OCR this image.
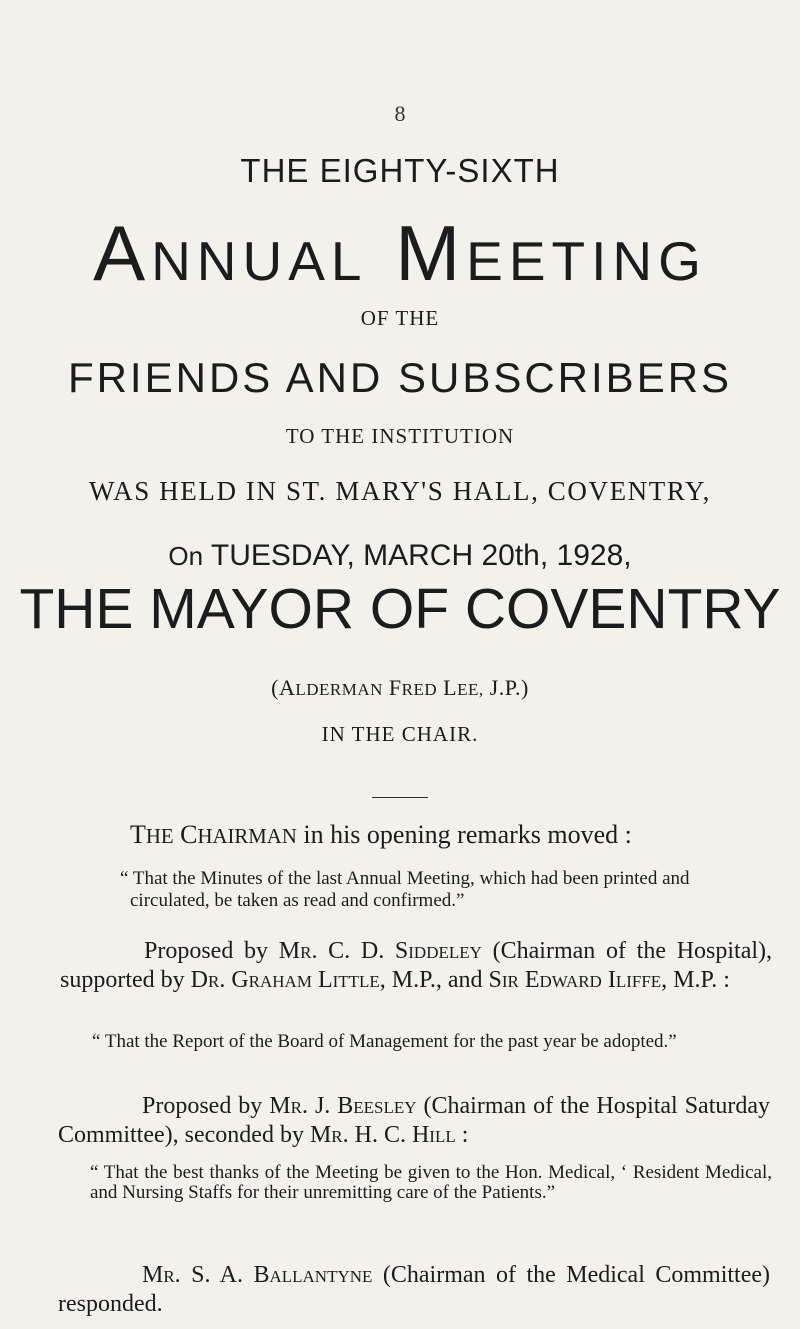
8
THE EIGHTY-SIXTH
Annual Meeting
OF THE
FRIENDS AND SUBSCRIBERS
TO THE INSTITUTION
WAS HELD IN ST. MARY'S HALL, COVENTRY,
On TUESDAY, MARCH 20th, 1928,
THE MAYOR OF COVENTRY
(ALDERMAN FRED LEE, J.P.)
IN THE CHAIR.
THE CHAIRMAN in his opening remarks moved :
“ That the Minutes of the last Annual Meeting, which had been printed and circulated, be taken as read and confirmed.”
Proposed by Mr. C. D. Siddeley (Chairman of the Hospital), supported by Dr. Graham Little, M.P., and Sir Edward Iliffe, M.P. :
“ That the Report of the Board of Management for the past year be adopted.”
Proposed by Mr. J. Beesley (Chairman of the Hospital Saturday Committee), seconded by Mr. H. C. Hill :
“ That the best thanks of the Meeting be given to the Hon. Medical, ‘ Resident Medical, and Nursing Staffs for their unremitting care of the Patients.”
Mr. S. A. Ballantyne (Chairman of the Medical Committee) responded.
